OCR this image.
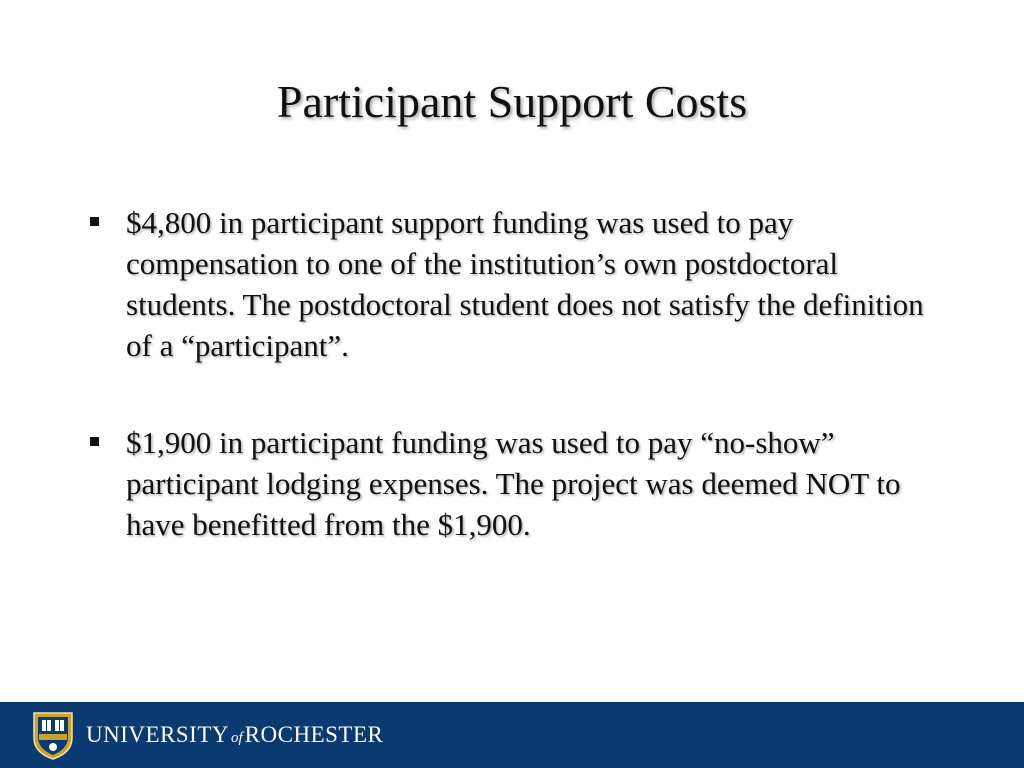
Participant Support Costs
$4,800 in participant support funding was used to pay compensation to one of the institution’s own postdoctoral students. The postdoctoral student does not satisfy the definition of a “participant”.
$1,900 in participant funding was used to pay “no-show” participant lodging expenses. The project was deemed NOT to have benefitted from the $1,900.
UNIVERSITY of ROCHESTER
